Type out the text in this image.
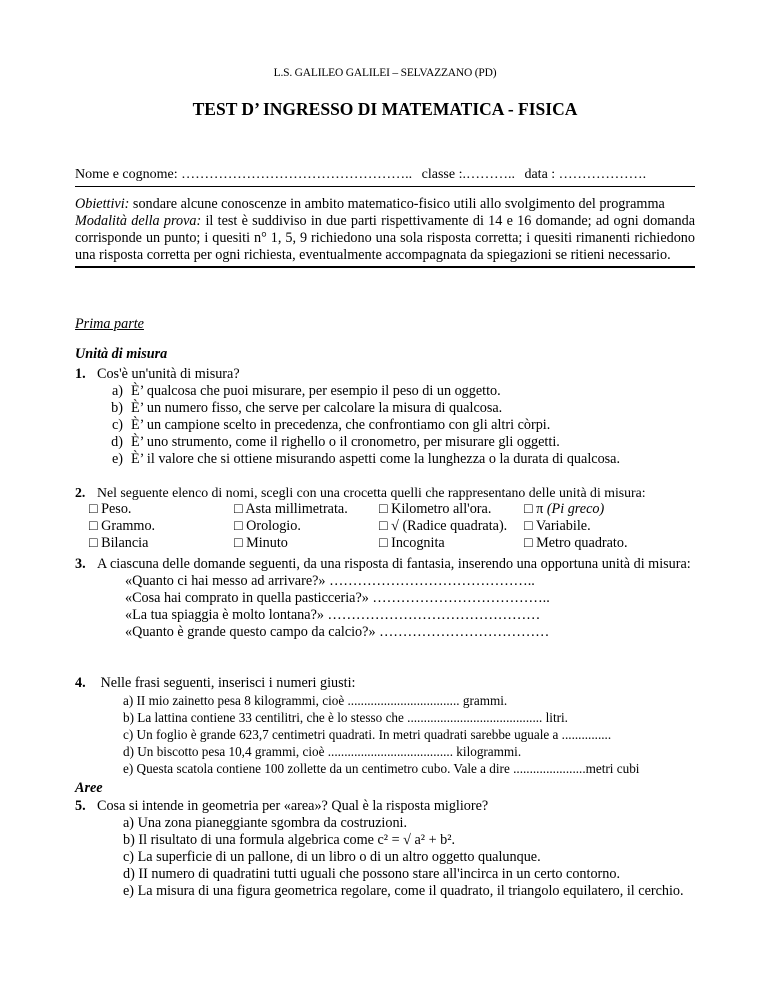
L.S. GALILEO GALILEI – SELVAZZANO (PD)
TEST D’ INGRESSO DI MATEMATICA - FISICA
Nome e cognome: ………………………………………….. classe :.……….. data : ……………….

Obiettivi: sondare alcune conoscenze in ambito matematico-fisico utili allo svolgimento del programma

Modalità della prova: il test è suddiviso in due parti rispettivamente di 14 e 16 domande; ad ogni domanda corrisponde un punto; i quesiti n° 1, 5, 9 richiedono una sola risposta corretta; i quesiti rimanenti richiedono una risposta corretta per ogni richiesta, eventualmente accompagnata da spiegazioni se ritieni necessario.

Prima parte
Unità di misura
1. Cos'è un'unità di misura?
a) È’ qualcosa che puoi misurare, per esempio il peso di un oggetto.
b) È’ un numero fisso, che serve per calcolare la misura di qualcosa.
c) È’ un campione scelto in precedenza, che confrontiamo con gli altri còrpi.
d) È’ uno strumento, come il righello o il cronometro, per misurare gli oggetti.
e) È’ il valore che si ottiene misurando aspetti come la lunghezza o la durata di qualcosa.
2. Nel seguente elenco di nomi, scegli con una crocetta quelli che rappresentano delle unità di misura:
□ Peso.	□ Asta millimetrata.	□ Kilometro all'ora.	□ π (Pi greco)
□ Grammo.	□ Orologio.	□ √ (Radice quadrata).	□ Variabile.
□ Bilancia	□ Minuto	□ Incognita	□ Metro quadrato.
3. A ciascuna delle domande seguenti, da una risposta di fantasia, inserendo una opportuna unità di misura:
«Quanto ci hai messo ad arrivare?» ……………………………………..
«Cosa hai comprato in quella pasticceria?» ………………………………..
«La tua spiaggia è molto lontana?» ………………………………………
«Quanto è grande questo campo da calcio?» ………………………………
4. Nelle frasi seguenti, inserisci i numeri giusti:
a) II mio zainetto pesa 8 kilogrammi, cioè .................................. grammi.
b) La lattina contiene 33 centilitri, che è lo stesso che ......................................... litri.
c) Un foglio è grande 623,7 centimetri quadrati. In metri quadrati sarebbe uguale a ...............
d) Un biscotto pesa 10,4 grammi, cioè ...................................... kilogrammi.
e) Questa scatola contiene 100 zollette da un centimetro cubo. Vale a dire ......................metri cubi
Aree
5. Cosa si intende in geometria per «area»? Qual è la risposta migliore?
a) Una zona pianeggiante sgombra da costruzioni.
b) Il risultato di una formula algebrica come c² = √ a² + b².
c) La superficie di un pallone, di un libro o di un altro oggetto qualunque.
d) II numero di quadratini tutti uguali che possono stare all'incirca in un certo contorno.
e) La misura di una figura geometrica regolare, come il quadrato, il triangolo equilatero, il cerchio.
